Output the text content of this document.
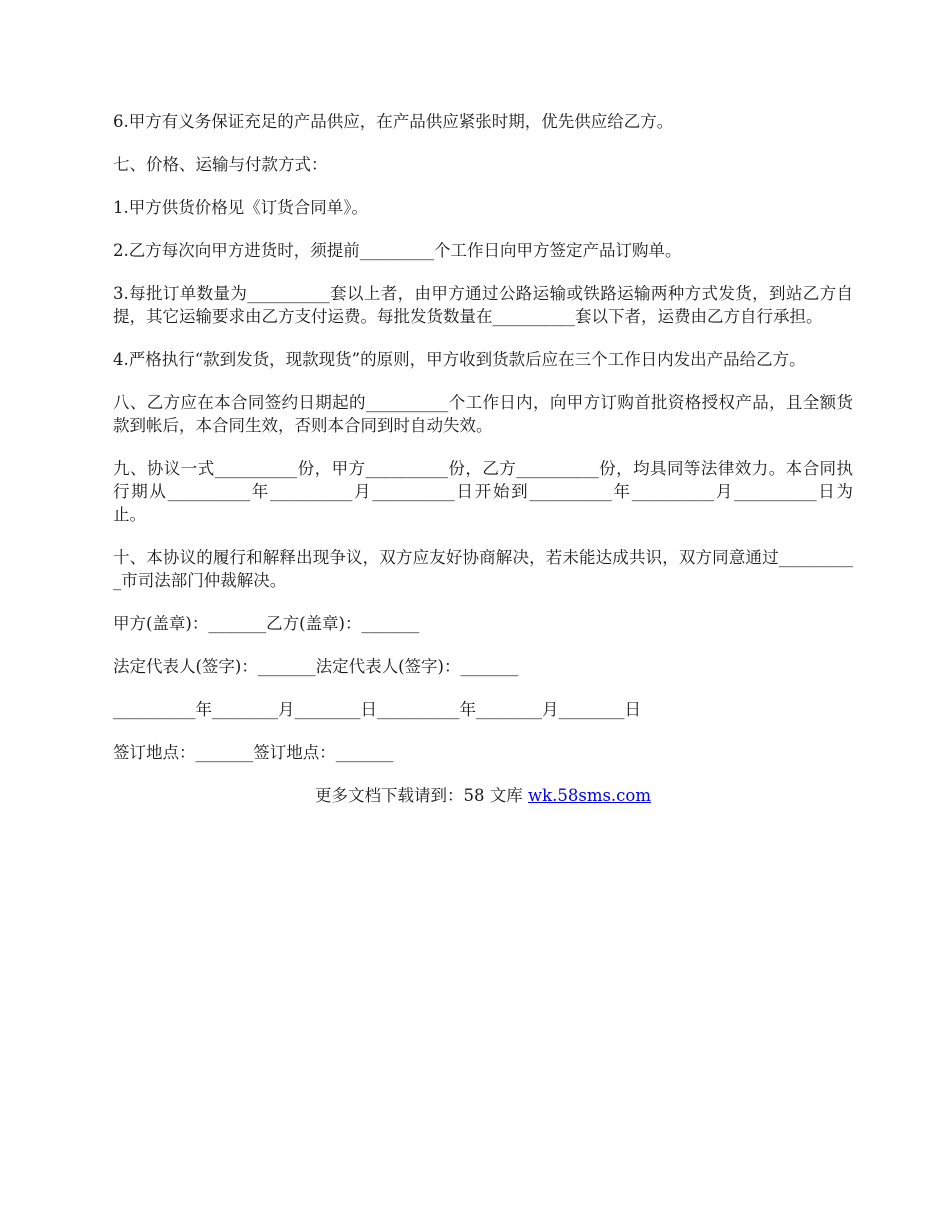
6.甲方有义务保证充足的产品供应，在产品供应紧张时期，优先供应给乙方。

七、价格、运输与付款方式：

1.甲方供货价格见《订货合同单》。

2.乙方每次向甲方进货时，须提前_________个工作日向甲方签定产品订购单。

3.每批订单数量为__________套以上者，由甲方通过公路运输或铁路运输两种方式发货，到站乙方自提，其它运输要求由乙方支付运费。每批发货数量在__________套以下者，运费由乙方自行承担。

4.严格执行“款到发货，现款现货”的原则，甲方收到货款后应在三个工作日内发出产品给乙方。

八、乙方应在本合同签约日期起的__________个工作日内，向甲方订购首批资格授权产品，且全额货款到帐后，本合同生效，否则本合同到时自动失效。

九、协议一式__________份，甲方__________份，乙方__________份，均具同等法律效力。本合同执行期从__________年__________月__________日开始到__________年__________月__________日为止。

十、本协议的履行和解释出现争议，双方应友好协商解决，若未能达成共识，双方同意通过__________市司法部门仲裁解决。

甲方(盖章)：_______乙方(盖章)：_______

法定代表人(签字)：_______法定代表人(签字)：_______

__________年________月________日__________年________月________日

签订地点：_______签订地点：_______

更多文档下载请到：58 文库 wk.58sms.com
